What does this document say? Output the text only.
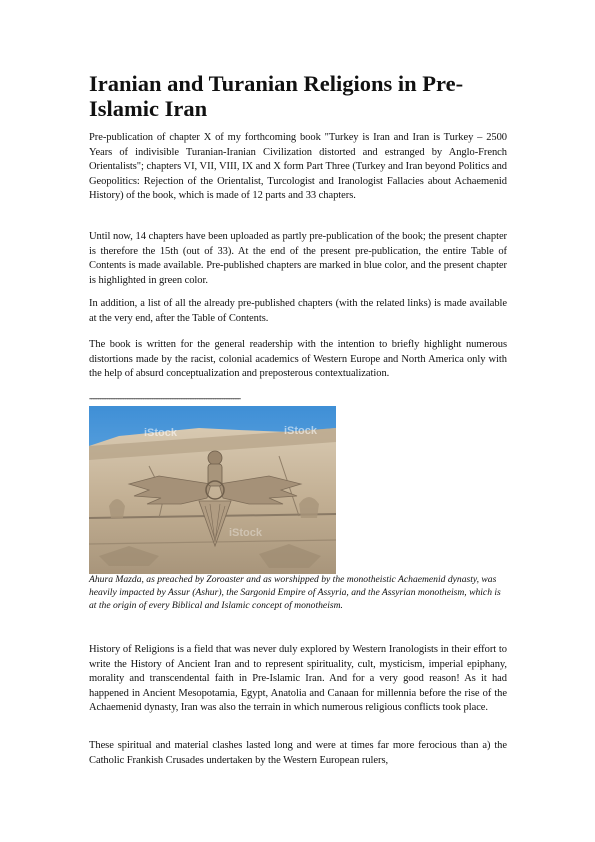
Iranian and Turanian Religions in Pre-Islamic Iran

Pre-publication of chapter X of my forthcoming book "Turkey is Iran and Iran is Turkey – 2500 Years of indivisible Turanian-Iranian Civilization distorted and estranged by Anglo-French Orientalists"; chapters VI, VII, VIII, IX and X form Part Three (Turkey and Iran beyond Politics and Geopolitics: Rejection of the Orientalist, Turcologist and Iranologist Fallacies about Achaemenid History) of the book, which is made of 12 parts and 33 chapters.

Until now, 14 chapters have been uploaded as partly pre-publication of the book; the present chapter is therefore the 15th (out of 33). At the end of the present pre-publication, the entire Table of Contents is made available. Pre-published chapters are marked in blue color, and the present chapter is highlighted in green color.

In addition, a list of all the already pre-published chapters (with the related links) is made available at the very end, after the Table of Contents.

The book is written for the general readership with the intention to briefly highlight numerous distortions made by the racist, colonial academics of Western Europe and North America only with the help of absurd conceptualization and preposterous contextualization.

------------------------------------------------------------------------------------
iStock	iStock
iStock

Ahura Mazda, as preached by Zoroaster and as worshipped by the monotheistic Achaemenid dynasty, was heavily impacted by Assur (Ashur), the Sargonid Empire of Assyria, and the Assyrian monotheism, which is at the origin of every Biblical and Islamic concept of monotheism.

History of Religions is a field that was never duly explored by Western Iranologists in their effort to write the History of Ancient Iran and to represent spirituality, cult, mysticism, imperial epiphany, morality and transcendental faith in Pre-Islamic Iran. And for a very good reason! As it had happened in Ancient Mesopotamia, Egypt, Anatolia and Canaan for millennia before the rise of the Achaemenid dynasty, Iran was also the terrain in which numerous religious conflicts took place.

These spiritual and material clashes lasted long and were at times far more ferocious than a) the Catholic Frankish Crusades undertaken by the Western European rulers,
